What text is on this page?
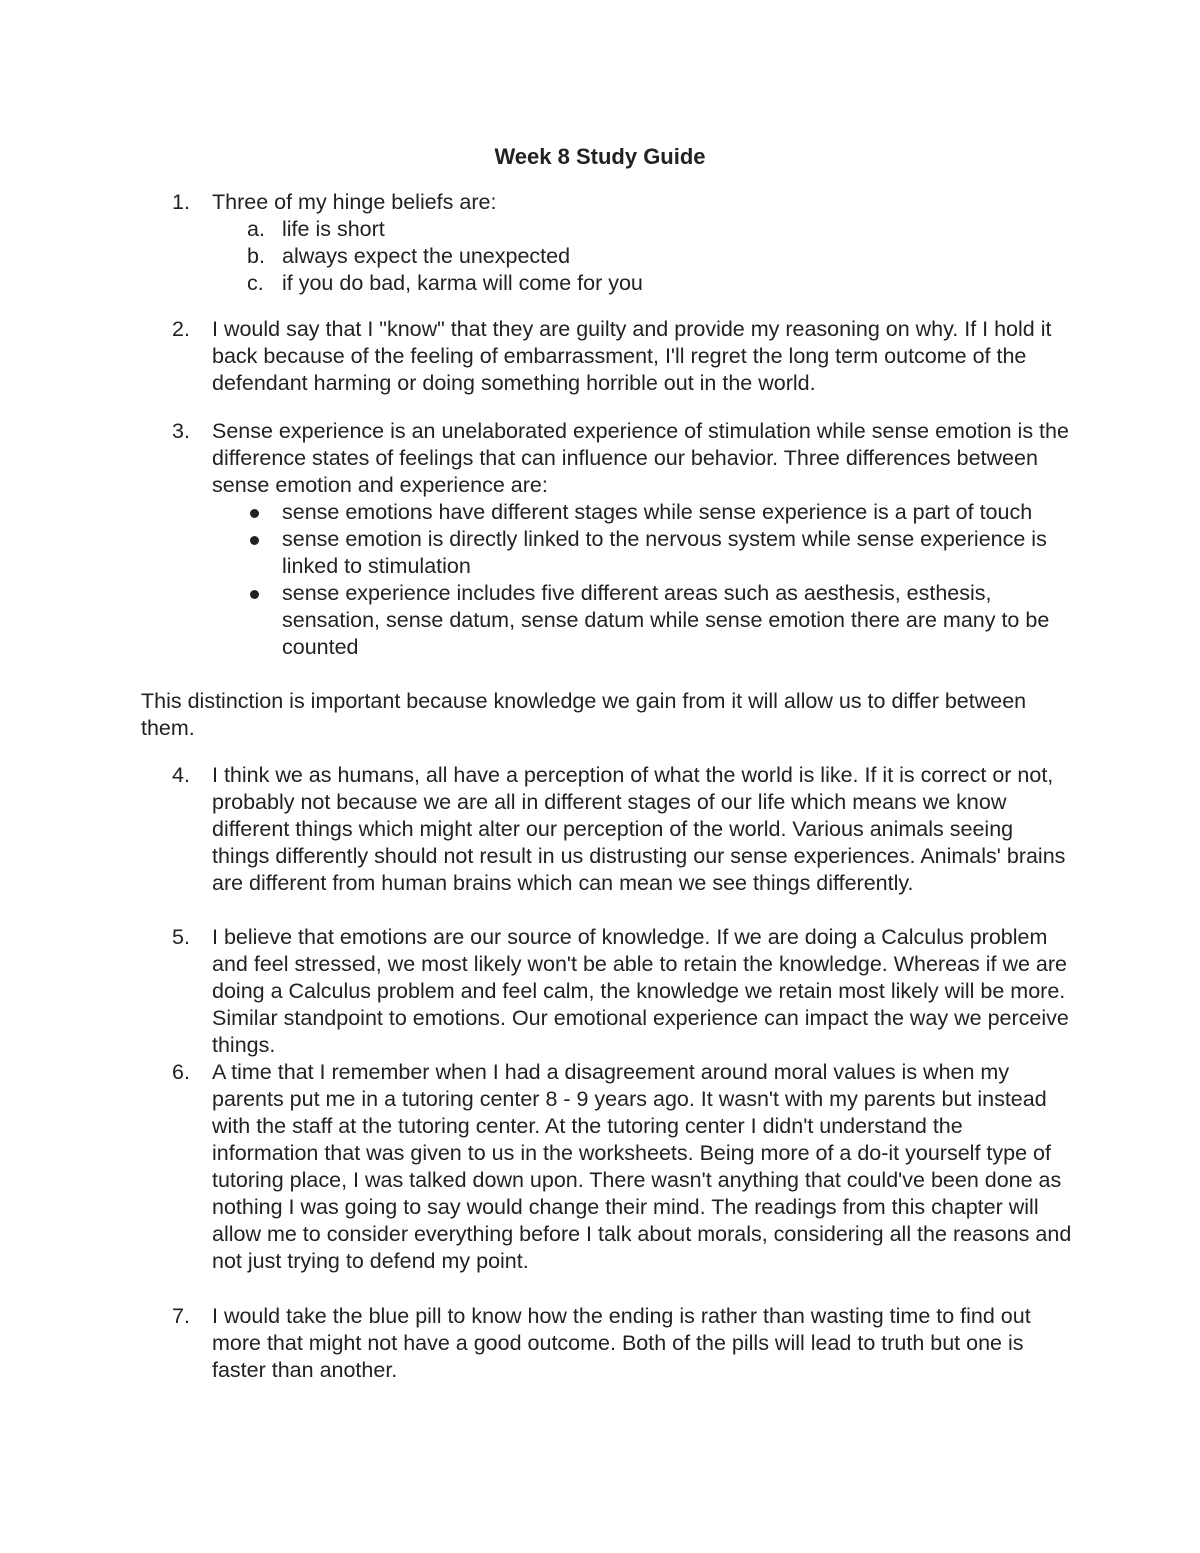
Week 8 Study Guide
1. Three of my hinge beliefs are:
a. life is short
b. always expect the unexpected
c. if you do bad, karma will come for you
2. I would say that I "know" that they are guilty and provide my reasoning on why. If I hold it back because of the feeling of embarrassment, I'll regret the long term outcome of the defendant harming or doing something horrible out in the world.
3. Sense experience is an unelaborated experience of stimulation while sense emotion is the difference states of feelings that can influence our behavior. Three differences between sense emotion and experience are:
sense emotions have different stages while sense experience is a part of touch
sense emotion is directly linked to the nervous system while sense experience is linked to stimulation
sense experience includes five different areas such as aesthesis, esthesis, sensation, sense datum, sense datum while sense emotion there are many to be counted
This distinction is important because knowledge we gain from it will allow us to differ between them.
4. I think we as humans, all have a perception of what the world is like. If it is correct or not, probably not because we are all in different stages of our life which means we know different things which might alter our perception of the world. Various animals seeing things differently should not result in us distrusting our sense experiences. Animals' brains are different from human brains which can mean we see things differently.
5. I believe that emotions are our source of knowledge. If we are doing a Calculus problem and feel stressed, we most likely won't be able to retain the knowledge. Whereas if we are doing a Calculus problem and feel calm, the knowledge we retain most likely will be more. Similar standpoint to emotions. Our emotional experience can impact the way we perceive things.
6. A time that I remember when I had a disagreement around moral values is when my parents put me in a tutoring center 8 - 9 years ago. It wasn't with my parents but instead with the staff at the tutoring center. At the tutoring center I didn't understand the information that was given to us in the worksheets. Being more of a do-it yourself type of tutoring place, I was talked down upon. There wasn't anything that could've been done as nothing I was going to say would change their mind. The readings from this chapter will allow me to consider everything before I talk about morals, considering all the reasons and not just trying to defend my point.
7. I would take the blue pill to know how the ending is rather than wasting time to find out more that might not have a good outcome. Both of the pills will lead to truth but one is faster than another.
